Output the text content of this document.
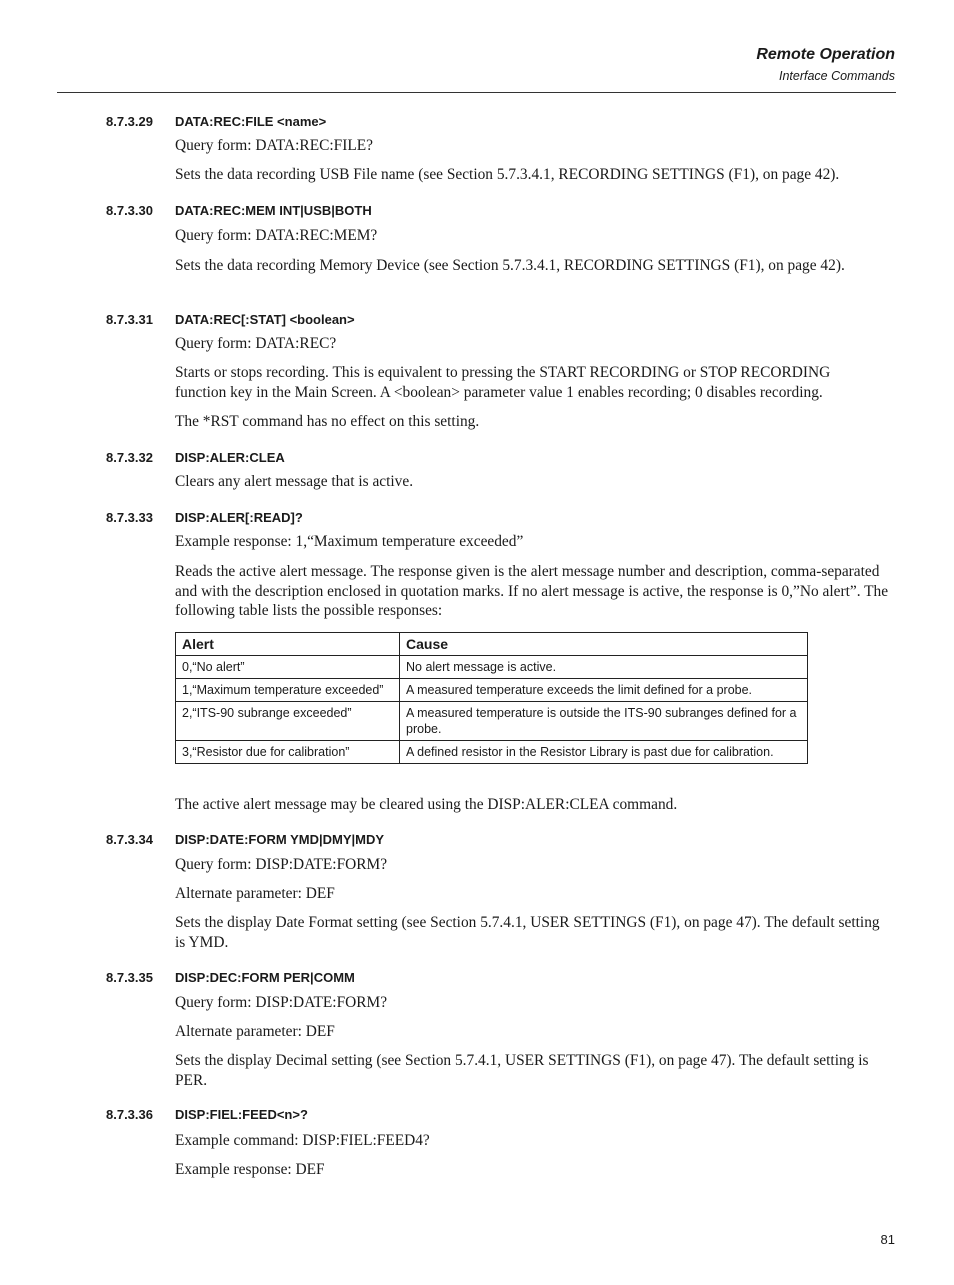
Remote Operation
Interface Commands
8.7.3.29 DATA:REC:FILE <name>
Query form: DATA:REC:FILE?
Sets the data recording USB File name (see Section 5.7.3.4.1, RECORDING SETTINGS (F1), on page 42).
8.7.3.30 DATA:REC:MEM INT|USB|BOTH
Query form: DATA:REC:MEM?
Sets the data recording Memory Device (see Section 5.7.3.4.1, RECORDING SETTINGS (F1), on page 42).
8.7.3.31 DATA:REC[:STAT] <boolean>
Query form: DATA:REC?
Starts or stops recording. This is equivalent to pressing the START RECORDING or STOP RECORDING function key in the Main Screen. A <boolean> parameter value 1 enables recording; 0 disables recording.
The *RST command has no effect on this setting.
8.7.3.32 DISP:ALER:CLEA
Clears any alert message that is active.
8.7.3.33 DISP:ALER[:READ]?
Example response: 1,“Maximum temperature exceeded”
Reads the active alert message. The response given is the alert message number and description, comma-separated and with the description enclosed in quotation marks. If no alert message is active, the response is 0,”No alert”. The following table lists the possible responses:
Alert	Cause
0,“No alert”	No alert message is active.
1,“Maximum temperature exceeded”	A measured temperature exceeds the limit defined for a probe.
2,“ITS-90 subrange exceeded”	A measured temperature is outside the ITS-90 subranges defined for a probe.
3,“Resistor due for calibration”	A defined resistor in the Resistor Library is past due for calibration.
The active alert message may be cleared using the DISP:ALER:CLEA command.
8.7.3.34 DISP:DATE:FORM YMD|DMY|MDY
Query form: DISP:DATE:FORM?
Alternate parameter: DEF
Sets the display Date Format setting (see Section 5.7.4.1, USER SETTINGS (F1), on page 47). The default setting is YMD.
8.7.3.35 DISP:DEC:FORM PER|COMM
Query form: DISP:DATE:FORM?
Alternate parameter: DEF
Sets the display Decimal setting (see Section 5.7.4.1, USER SETTINGS (F1), on page 47). The default setting is PER.
8.7.3.36 DISP:FIEL:FEED<n>?
Example command: DISP:FIEL:FEED4?
Example response: DEF
81
